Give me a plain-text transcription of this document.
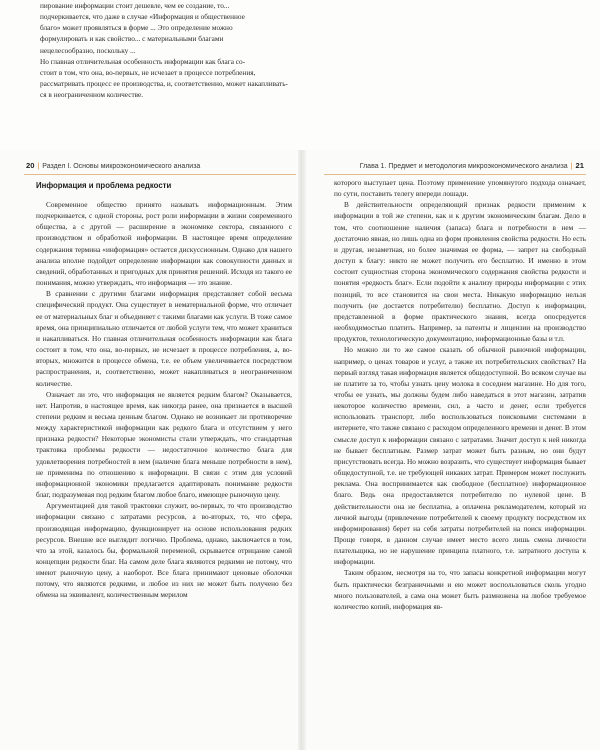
пирование информации стоит дешевле, чем ее создание, то...

подчеркивается, что даже в случае «Информация и общественное

благо» может проявляться в форме ... Это определение можно

формулировать и как свойство... с материальными благами

нецелесообразно, поскольку ...

Но главная отличительная особенность информации как блага со-

стоит в том, что она, во-первых, не исчезает в процессе потребления,

рассматривать процесс ее производства, и, соответственно, может накапливать-

ся в неограниченном количестве.

20 | Раздел I. Основы микроэкономического анализа	Глава 1. Предмет и методология микроэкономического анализа | 21
Информация и проблема редкости

Современное общество принято называть информационным. Этим подчеркивается, с одной стороны, рост роли информации в жизни современного общества, а с другой — расширение в экономике сектора, связанного с производством и обработкой информации. В настоящее время определение содержания термина «информация» остается дискуссионным. Однако для нашего анализа вполне подойдет определение информации как совокупности данных и сведений, обработанных и пригодных для принятия решений. Исходя из такого ее понимания, можно утверждать, что информация — это знание.

В сравнении с другими благами информация представляет собой весьма специфический продукт. Она существует в нематериальной форме, что отличает ее от материальных благ и объединяет с такими благами как услуги. В тоже самое время, она принципиально отличается от любой услуги тем, что может храниться и накапливаться. Но главная отличительная особенность информации как блага состоит в том, что она, во-первых, не исчезает в процессе потребления, а, во-вторых, множится в процессе обмена, т.е. ее объем увеличивается посредством распространения, и, соответственно, может накапливаться в неограниченном количестве.

Означает ли это, что информация не является редким благом? Оказывается, нет. Напротив, в настоящее время, как никогда ранее, она признается в высшей степени редким и весьма ценным благом. Однако не возникает ли противоречие между характеристикой информации как редкого блага и отсутствием у него признака редкости? Некоторые экономисты стали утверждать, что стандартная трактовка проблемы редкости — недостаточное количество блага для удовлетворения потребностей в нем (наличие блага меньше потребности в нем), не применима по отношению к информации. В связи с этим для условий информационной экономики предлагается адаптировать понимание редкости благ, подразумевая под редким благом любое благо, имеющее рыночную цену.

Аргументацией для такой трактовки служит, во-первых, то что производство информации связано с затратами ресурсов, а во-вторых, то, что сфера, производящая информацию, функционирует на основе использования редких ресурсов. Внешне все выглядит логично. Проблема, однако, заключается в том, что за этой, казалось бы, формальной переменой, скрывается отрицание самой концепции редкости благ. На самом деле блага являются редкими не потому, что имеют рыночную цену, а наоборот. Все блага принимают ценовые оболочки потому, что являются редкими, и любое из них не может быть получено без обмена на эквивалент, количественным мерилом

которого выступает цена. Поэтому применение упомянутого подхода означает, по сути, поставить телегу впереди лошади.

В действительности определяющий признак редкости применим к информации в той же степени, как и к другим экономическим благам. Дело в том, что соотношение наличия (запаса) блага и потребности в нем — достаточно явная, но лишь одна из форм проявления свойства редкости. Но есть и другая, незаметная, но более значимая ее форма, — запрет на свободный доступ к благу: никто не может получить его бесплатно. И именно в этом состоит сущностная сторона экономического содержания свойства редкости и понятия «редкость благ». Если подойти к анализу природы информации с этих позиций, то все становится на свои места. Никакую информацию нельзя получить (не достается потребителю) бесплатно. Доступ к информации, представленной в форме практического знания, всегда опосредуется необходимостью платить. Например, за патенты и лицензии на производство продуктов, технологическую документацию, информационные базы и т.п.

Но можно ли то же самое сказать об обычной рыночной информации, например, о ценах товаров и услуг, а также их потребительских свойствах? На первый взгляд такая информация является общедоступной. Во всяком случае вы не платите за то, чтобы узнать цену молока в соседнем магазине. Но для того, чтобы ее узнать, мы должны будем либо наведаться в этот магазин, затратив некоторое количество времени, сил, а часто и денег, если требуется использовать транспорт, либо воспользоваться поисковыми системами в интернете, что также связано с расходом определенного времени и денег. В этом смысле доступ к информации связано с затратами. Значит доступ к ней никогда не бывает бесплатным. Размер затрат может быть разным, но они будут присутствовать всегда. Но можно возразить, что существует информация бывает общедоступной, т.е. не требующей никаких затрат. Примером может послужить реклама. Она воспринимается как свободное (бесплатное) информационное благо. Ведь она предоставляется потребителю по нулевой цене. В действительности она не бесплатна, а оплачена рекламодателем, который из личной выгоды (привлечение потребителей к своему продукту посредством их информирования) берет на себя затраты потребителей на поиск информации. Проще говоря, в данном случае имеет место всего лишь смена личности плательщика, но не нарушение принципа платного, т.е. затратного доступа к информации.

Таким образом, несмотря на то, что запасы конкретной информации могут быть практически безграничными и ею может воспользоваться сколь угодно много пользователей, а сама она может быть размножена на любое требуемое количество копий, информация яв-
